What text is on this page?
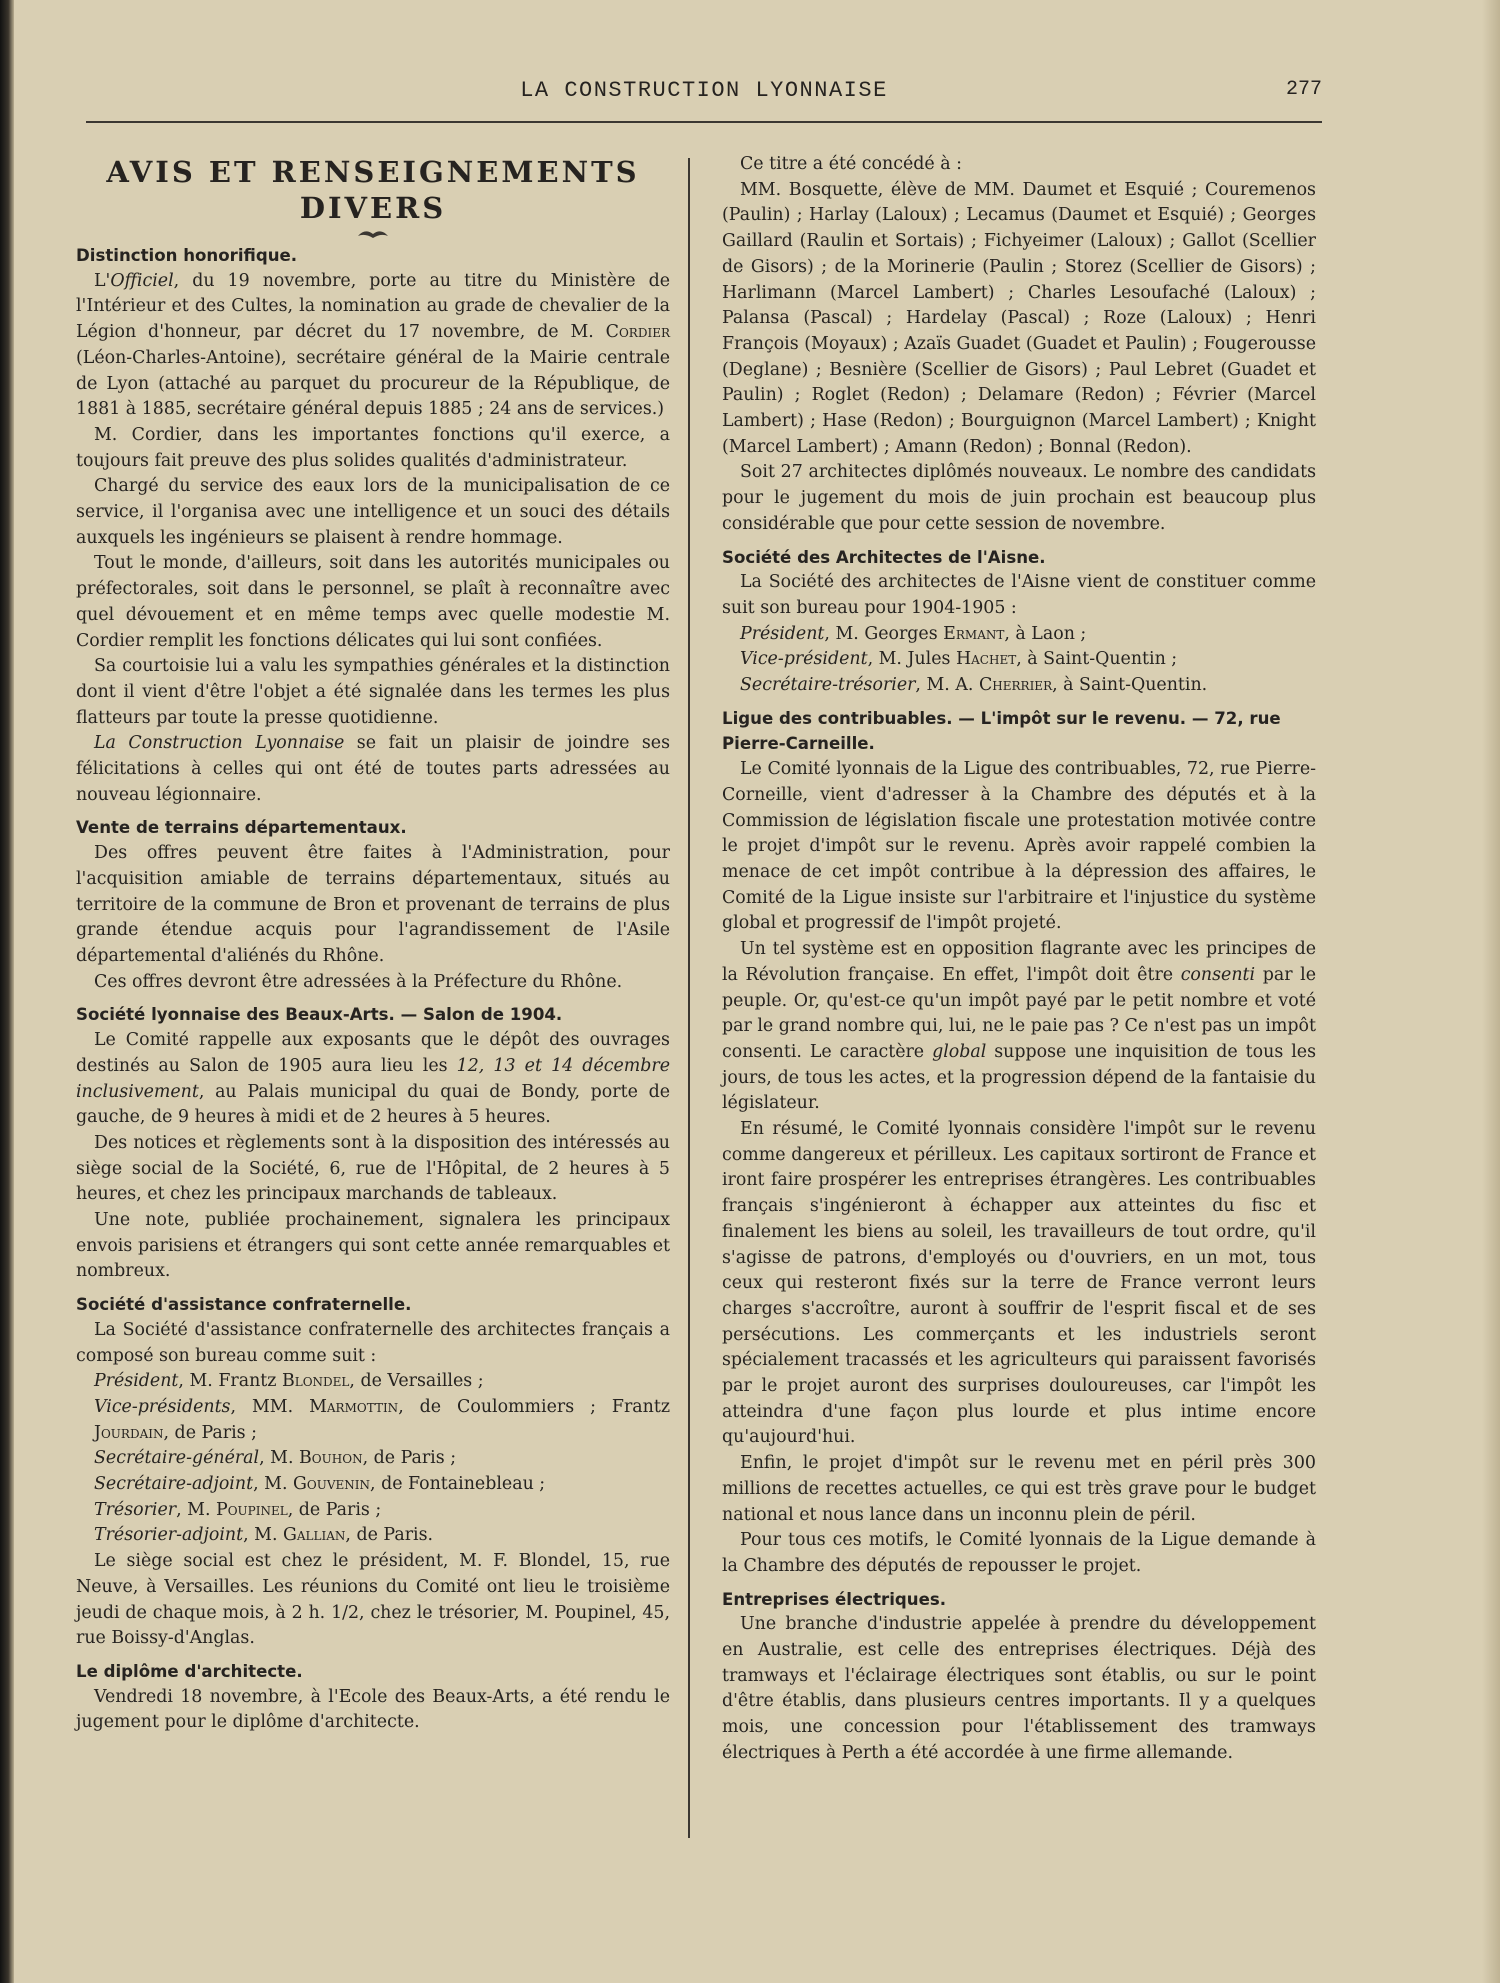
LA CONSTRUCTION LYONNAISE	277
AVIS ET RENSEIGNEMENTS DIVERS
Distinction honorifique.

L'Officiel, du 19 novembre, porte au titre du Ministère de l'Intérieur et des Cultes, la nomination au grade de chevalier de la Légion d'honneur, par décret du 17 novembre, de M. Cordier (Léon-Charles-Antoine), secrétaire général de la Mairie centrale de Lyon (attaché au parquet du procureur de la République, de 1881 à 1885, secrétaire général depuis 1885 ; 24 ans de services.)

M. Cordier, dans les importantes fonctions qu'il exerce, a toujours fait preuve des plus solides qualités d'administrateur.

Chargé du service des eaux lors de la municipalisation de ce service, il l'organisa avec une intelligence et un souci des détails auxquels les ingénieurs se plaisent à rendre hommage.

Tout le monde, d'ailleurs, soit dans les autorités municipales ou préfectorales, soit dans le personnel, se plaît à reconnaître avec quel dévouement et en même temps avec quelle modestie M. Cordier remplit les fonctions délicates qui lui sont confiées.

Sa courtoisie lui a valu les sympathies générales et la distinction dont il vient d'être l'objet a été signalée dans les termes les plus flatteurs par toute la presse quotidienne.

La Construction Lyonnaise se fait un plaisir de joindre ses félicitations à celles qui ont été de toutes parts adressées au nouveau légionnaire.

Vente de terrains départementaux.

Des offres peuvent être faites à l'Administration, pour l'acquisition amiable de terrains départementaux, situés au territoire de la commune de Bron et provenant de terrains de plus grande étendue acquis pour l'agrandissement de l'Asile départemental d'aliénés du Rhône.

Ces offres devront être adressées à la Préfecture du Rhône.

Société lyonnaise des Beaux-Arts. — Salon de 1904.

Le Comité rappelle aux exposants que le dépôt des ouvrages destinés au Salon de 1905 aura lieu les 12, 13 et 14 décembre inclusivement, au Palais municipal du quai de Bondy, porte de gauche, de 9 heures à midi et de 2 heures à 5 heures.

Des notices et règlements sont à la disposition des intéressés au siège social de la Société, 6, rue de l'Hôpital, de 2 heures à 5 heures, et chez les principaux marchands de tableaux.

Une note, publiée prochainement, signalera les principaux envois parisiens et étrangers qui sont cette année remarquables et nombreux.

Société d'assistance confraternelle.

La Société d'assistance confraternelle des architectes français a composé son bureau comme suit :

Président, M. Frantz Blondel, de Versailles ;

Vice-présidents, MM. Marmottin, de Coulommiers ; Frantz Jourdain, de Paris ;

Secrétaire-général, M. Bouhon, de Paris ;

Secrétaire-adjoint, M. Gouvenin, de Fontainebleau ;

Trésorier, M. Poupinel, de Paris ;

Trésorier-adjoint, M. Gallian, de Paris.

Le siège social est chez le président, M. F. Blondel, 15, rue Neuve, à Versailles. Les réunions du Comité ont lieu le troisième jeudi de chaque mois, à 2 h. 1/2, chez le trésorier, M. Poupinel, 45, rue Boissy-d'Anglas.

Le diplôme d'architecte.

Vendredi 18 novembre, à l'Ecole des Beaux-Arts, a été rendu le jugement pour le diplôme d'architecte.

Ce titre a été concédé à :

MM. Bosquette, élève de MM. Daumet et Esquié ; Couremenos (Paulin) ; Harlay (Laloux) ; Lecamus (Daumet et Esquié) ; Georges Gaillard (Raulin et Sortais) ; Fichyeimer (Laloux) ; Gallot (Scellier de Gisors) ; de la Morinerie (Paulin ; Storez (Scellier de Gisors) ; Harlimann (Marcel Lambert) ; Charles Lesoufaché (Laloux) ; Palansa (Pascal) ; Hardelay (Pascal) ; Roze (Laloux) ; Henri François (Moyaux) ; Azaïs Guadet (Guadet et Paulin) ; Fougerousse (Deglane) ; Besnière (Scellier de Gisors) ; Paul Lebret (Guadet et Paulin) ; Roglet (Redon) ; Delamare (Redon) ; Février (Marcel Lambert) ; Hase (Redon) ; Bourguignon (Marcel Lambert) ; Knight (Marcel Lambert) ; Amann (Redon) ; Bonnal (Redon).

Soit 27 architectes diplômés nouveaux. Le nombre des candidats pour le jugement du mois de juin prochain est beaucoup plus considérable que pour cette session de novembre.

Société des Architectes de l'Aisne.

La Société des architectes de l'Aisne vient de constituer comme suit son bureau pour 1904-1905 :

Président, M. Georges Ermant, à Laon ;

Vice-président, M. Jules Hachet, à Saint-Quentin ;

Secrétaire-trésorier, M. A. Cherrier, à Saint-Quentin.

Ligue des contribuables. — L'impôt sur le revenu. — 72, rue Pierre-Carneille.

Le Comité lyonnais de la Ligue des contribuables, 72, rue Pierre-Corneille, vient d'adresser à la Chambre des députés et à la Commission de législation fiscale une protestation motivée contre le projet d'impôt sur le revenu. Après avoir rappelé combien la menace de cet impôt contribue à la dépression des affaires, le Comité de la Ligue insiste sur l'arbitraire et l'injustice du système global et progressif de l'impôt projeté.

Un tel système est en opposition flagrante avec les principes de la Révolution française. En effet, l'impôt doit être consenti par le peuple. Or, qu'est-ce qu'un impôt payé par le petit nombre et voté par le grand nombre qui, lui, ne le paie pas ? Ce n'est pas un impôt consenti. Le caractère global suppose une inquisition de tous les jours, de tous les actes, et la progression dépend de la fantaisie du législateur.

En résumé, le Comité lyonnais considère l'impôt sur le revenu comme dangereux et périlleux. Les capitaux sortiront de France et iront faire prospérer les entreprises étrangères. Les contribuables français s'ingénieront à échapper aux atteintes du fisc et finalement les biens au soleil, les travailleurs de tout ordre, qu'il s'agisse de patrons, d'employés ou d'ouvriers, en un mot, tous ceux qui resteront fixés sur la terre de France verront leurs charges s'accroître, auront à souffrir de l'esprit fiscal et de ses persécutions. Les commerçants et les industriels seront spécialement tracassés et les agriculteurs qui paraissent favorisés par le projet auront des surprises douloureuses, car l'impôt les atteindra d'une façon plus lourde et plus intime encore qu'aujourd'hui.

Enfin, le projet d'impôt sur le revenu met en péril près 300 millions de recettes actuelles, ce qui est très grave pour le budget national et nous lance dans un inconnu plein de péril.

Pour tous ces motifs, le Comité lyonnais de la Ligue demande à la Chambre des députés de repousser le projet.

Entreprises électriques.

Une branche d'industrie appelée à prendre du développement en Australie, est celle des entreprises électriques. Déjà des tramways et l'éclairage électriques sont établis, ou sur le point d'être établis, dans plusieurs centres importants. Il y a quelques mois, une concession pour l'établissement des tramways électriques à Perth a été accordée à une firme allemande.
